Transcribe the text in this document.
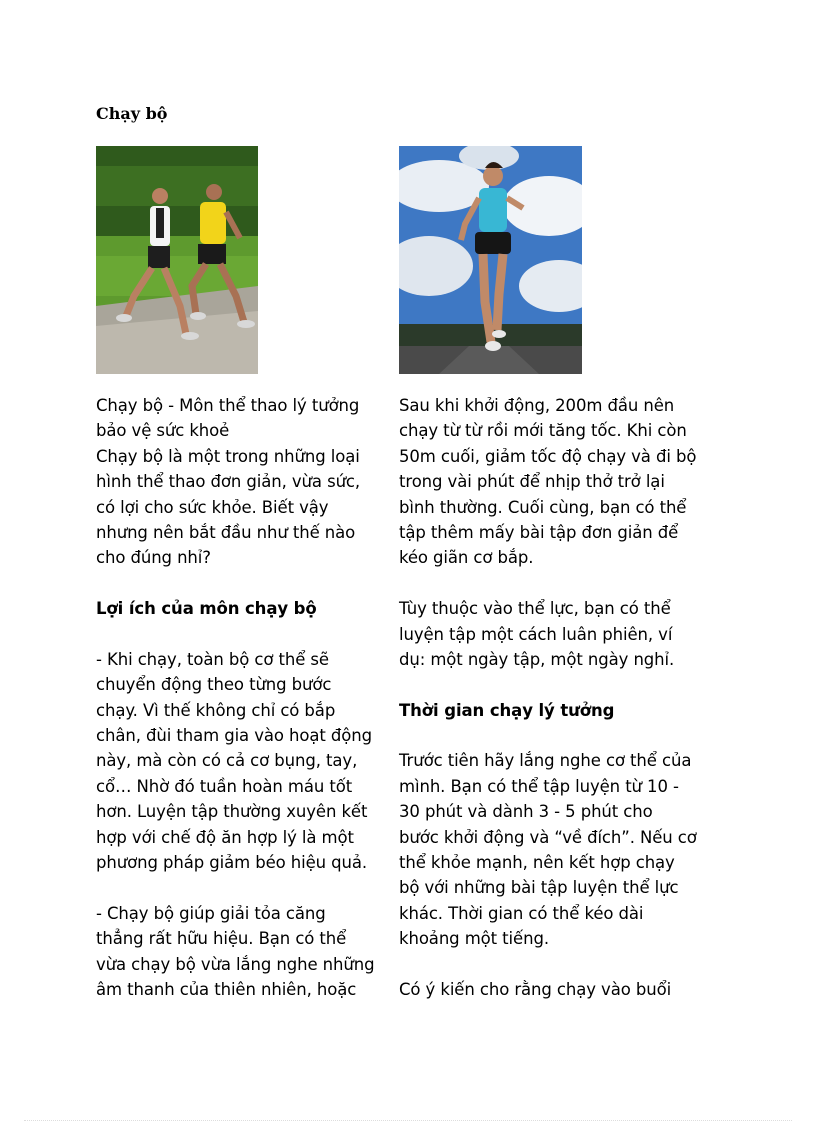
Chạy bộ
Chạy bộ - Môn thể thao lý tưởng
bảo vệ sức khoẻ
Chạy bộ là một trong những loại
hình thể thao đơn giản, vừa sức,
có lợi cho sức khỏe. Biết vậy
nhưng nên bắt đầu như thế nào
cho đúng nhỉ?
Lợi ích của môn chạy bộ
- Khi chạy, toàn bộ cơ thể sẽ
chuyển động theo từng bước
chạy. Vì thế không chỉ có bắp
chân, đùi tham gia vào hoạt động
này, mà còn có cả cơ bụng, tay,
cổ… Nhờ đó tuần hoàn máu tốt
hơn. Luyện tập thường xuyên kết
hợp với chế độ ăn hợp lý là một
phương pháp giảm béo hiệu quả.
- Chạy bộ giúp giải tỏa căng
thẳng rất hữu hiệu. Bạn có thể
vừa chạy bộ vừa lắng nghe những
âm thanh của thiên nhiên, hoặc
Sau khi khởi động, 200m đầu nên
chạy từ từ rồi mới tăng tốc. Khi còn
50m cuối, giảm tốc độ chạy và đi bộ
trong vài phút để nhịp thở trở lại
bình thường. Cuối cùng, bạn có thể
tập thêm mấy bài tập đơn giản để
kéo giãn cơ bắp.
Tùy thuộc vào thể lực, bạn có thể
luyện tập một cách luân phiên, ví
dụ: một ngày tập, một ngày nghỉ.
Thời gian chạy lý tưởng
Trước tiên hãy lắng nghe cơ thể của
mình. Bạn có thể tập luyện từ 10 -
30 phút và dành 3 - 5 phút cho
bước khởi động và “về đích”. Nếu cơ
thể khỏe mạnh, nên kết hợp chạy
bộ với những bài tập luyện thể lực
khác. Thời gian có thể kéo dài
khoảng một tiếng.
Có ý kiến cho rằng chạy vào buổi
